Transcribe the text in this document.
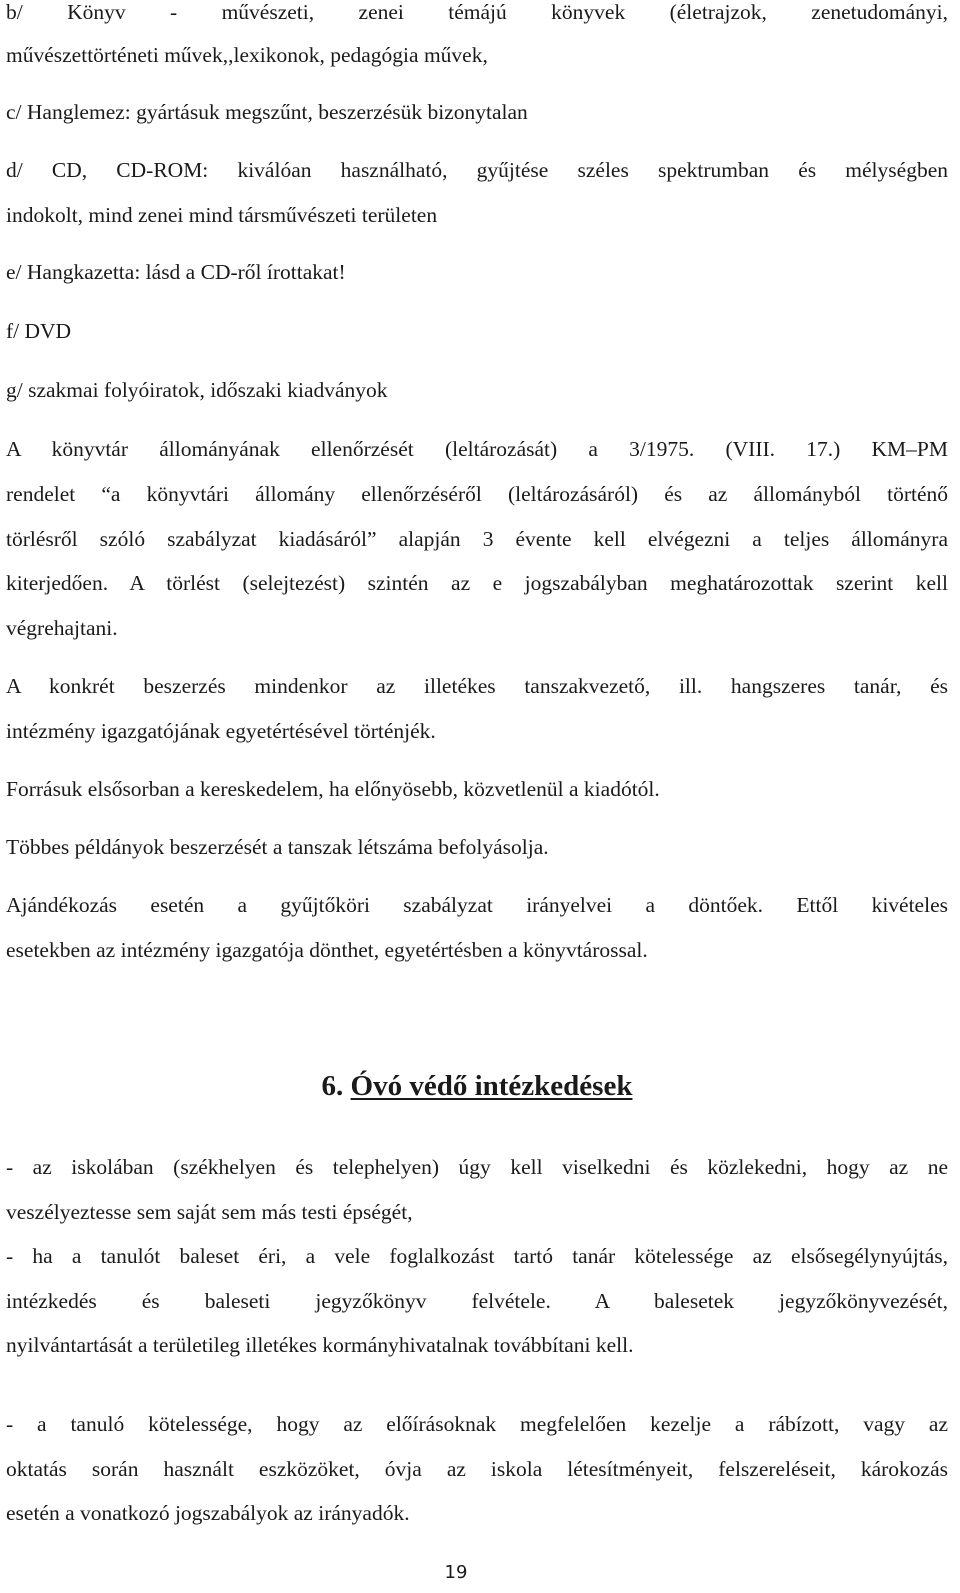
b/ Könyv - művészeti, zenei témájú könyvek (életrajzok, zenetudományi,
művészettörténeti művek,,lexikonok, pedagógia művek,
c/ Hanglemez: gyártásuk megszűnt, beszerzésük bizonytalan
d/ CD, CD-ROM: kiválóan használható, gyűjtése széles spektrumban és mélységben
indokolt, mind zenei mind társművészeti területen
e/ Hangkazetta: lásd a CD-ről írottakat!
f/ DVD
g/ szakmai folyóiratok, időszaki kiadványok
A könyvtár állományának ellenőrzését (leltározását) a 3/1975. (VIII. 17.) KM–PM
rendelet “a könyvtári állomány ellenőrzéséről (leltározásáról) és az állományból történő
törlésről szóló szabályzat kiadásáról” alapján 3 évente kell elvégezni a teljes állományra
kiterjedően. A törlést (selejtezést) szintén az e jogszabályban meghatározottak szerint kell
végrehajtani.
A konkrét beszerzés mindenkor az illetékes tanszakvezető, ill. hangszeres tanár, és
intézmény igazgatójának egyetértésével történjék.
Forrásuk elsősorban a kereskedelem, ha előnyösebb, közvetlenül a kiadótól.
Többes példányok beszerzését a tanszak létszáma befolyásolja.
Ajándékozás esetén a gyűjtőköri szabályzat irányelvei a döntőek. Ettől kivételes
esetekben az intézmény igazgatója dönthet, egyetértésben a könyvtárossal.
6. Óvó védő intézkedések
- az iskolában (székhelyen és telephelyen) úgy kell viselkedni és közlekedni, hogy az ne
veszélyeztesse sem saját sem más testi épségét,
- ha a tanulót baleset éri, a vele foglalkozást tartó tanár kötelessége az elsősegélynyújtás,
intézkedés és baleseti jegyzőkönyv felvétele. A balesetek jegyzőkönyvezését,
nyilvántartását a területileg illetékes kormányhivatalnak továbbítani kell.
- a tanuló kötelessége, hogy az előírásoknak megfelelően kezelje a rábízott, vagy az
oktatás során használt eszközöket, óvja az iskola létesítményeit, felszereléseit, károkozás
esetén a vonatkozó jogszabályok az irányadók.
19
